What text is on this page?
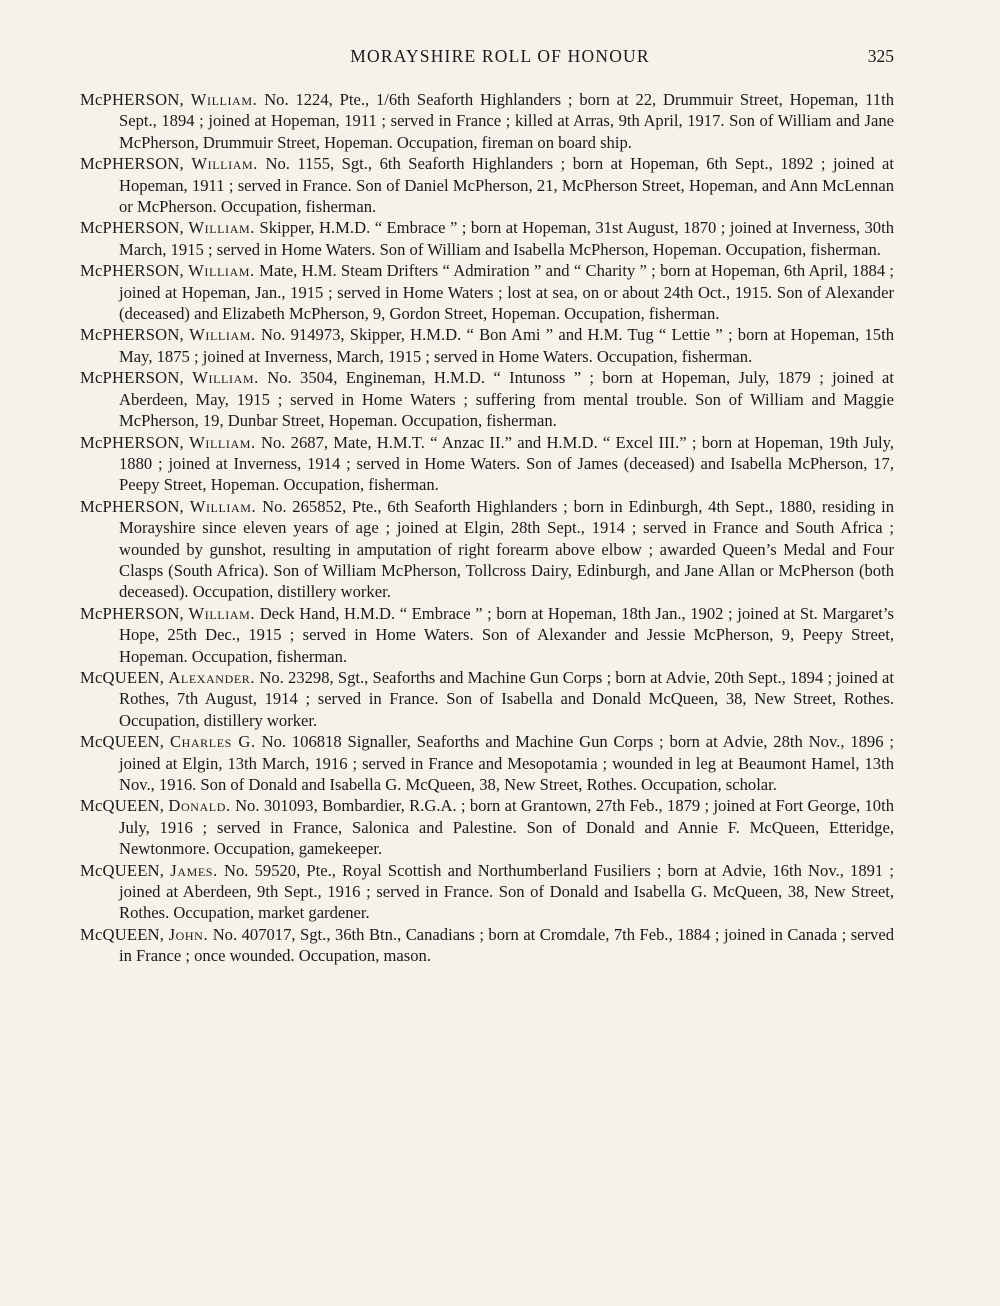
MORAYSHIRE ROLL OF HONOUR	325

McPHERSON, William. No. 1224, Pte., 1/6th Seaforth Highlanders ; born at 22, Drummuir Street, Hopeman, 11th Sept., 1894 ; joined at Hopeman, 1911 ; served in France ; killed at Arras, 9th April, 1917. Son of William and Jane McPherson, Drummuir Street, Hopeman. Occupation, fireman on board ship.

McPHERSON, William. No. 1155, Sgt., 6th Seaforth Highlanders ; born at Hopeman, 6th Sept., 1892 ; joined at Hopeman, 1911 ; served in France. Son of Daniel McPherson, 21, McPherson Street, Hopeman, and Ann McLennan or McPherson. Occupation, fisherman.

McPHERSON, William. Skipper, H.M.D. “ Embrace ” ; born at Hopeman, 31st August, 1870 ; joined at Inverness, 30th March, 1915 ; served in Home Waters. Son of William and Isabella McPherson, Hopeman. Occupation, fisherman.

McPHERSON, William. Mate, H.M. Steam Drifters “ Admiration ” and “ Charity ” ; born at Hopeman, 6th April, 1884 ; joined at Hopeman, Jan., 1915 ; served in Home Waters ; lost at sea, on or about 24th Oct., 1915. Son of Alexander (deceased) and Elizabeth McPherson, 9, Gordon Street, Hopeman. Occupation, fisherman.

McPHERSON, William. No. 914973, Skipper, H.M.D. “ Bon Ami ” and H.M. Tug “ Lettie ” ; born at Hopeman, 15th May, 1875 ; joined at Inverness, March, 1915 ; served in Home Waters. Occupation, fisherman.

McPHERSON, William. No. 3504, Engineman, H.M.D. “ Intunoss ” ; born at Hopeman, July, 1879 ; joined at Aberdeen, May, 1915 ; served in Home Waters ; suffering from mental trouble. Son of William and Maggie McPherson, 19, Dunbar Street, Hopeman. Occupation, fisherman.

McPHERSON, William. No. 2687, Mate, H.M.T. “ Anzac II.” and H.M.D. “ Excel III.” ; born at Hopeman, 19th July, 1880 ; joined at Inverness, 1914 ; served in Home Waters. Son of James (deceased) and Isabella McPherson, 17, Peepy Street, Hopeman. Occupation, fisherman.

McPHERSON, William. No. 265852, Pte., 6th Seaforth Highlanders ; born in Edinburgh, 4th Sept., 1880, residing in Morayshire since eleven years of age ; joined at Elgin, 28th Sept., 1914 ; served in France and South Africa ; wounded by gunshot, resulting in amputation of right forearm above elbow ; awarded Queen’s Medal and Four Clasps (South Africa). Son of William McPherson, Tollcross Dairy, Edinburgh, and Jane Allan or McPherson (both deceased). Occupation, distillery worker.

McPHERSON, William. Deck Hand, H.M.D. “ Embrace ” ; born at Hopeman, 18th Jan., 1902 ; joined at St. Margaret’s Hope, 25th Dec., 1915 ; served in Home Waters. Son of Alexander and Jessie McPherson, 9, Peepy Street, Hopeman. Occupation, fisherman.

McQUEEN, Alexander. No. 23298, Sgt., Seaforths and Machine Gun Corps ; born at Advie, 20th Sept., 1894 ; joined at Rothes, 7th August, 1914 ; served in France. Son of Isabella and Donald McQueen, 38, New Street, Rothes. Occupation, distillery worker.

McQUEEN, Charles G. No. 106818 Signaller, Seaforths and Machine Gun Corps ; born at Advie, 28th Nov., 1896 ; joined at Elgin, 13th March, 1916 ; served in France and Mesopotamia ; wounded in leg at Beaumont Hamel, 13th Nov., 1916. Son of Donald and Isabella G. McQueen, 38, New Street, Rothes. Occupation, scholar.

McQUEEN, Donald. No. 301093, Bombardier, R.G.A. ; born at Grantown, 27th Feb., 1879 ; joined at Fort George, 10th July, 1916 ; served in France, Salonica and Palestine. Son of Donald and Annie F. McQueen, Etteridge, Newtonmore. Occupation, gamekeeper.

McQUEEN, James. No. 59520, Pte., Royal Scottish and Northumberland Fusiliers ; born at Advie, 16th Nov., 1891 ; joined at Aberdeen, 9th Sept., 1916 ; served in France. Son of Donald and Isabella G. McQueen, 38, New Street, Rothes. Occupation, market gardener.

McQUEEN, John. No. 407017, Sgt., 36th Btn., Canadians ; born at Cromdale, 7th Feb., 1884 ; joined in Canada ; served in France ; once wounded. Occupation, mason.
